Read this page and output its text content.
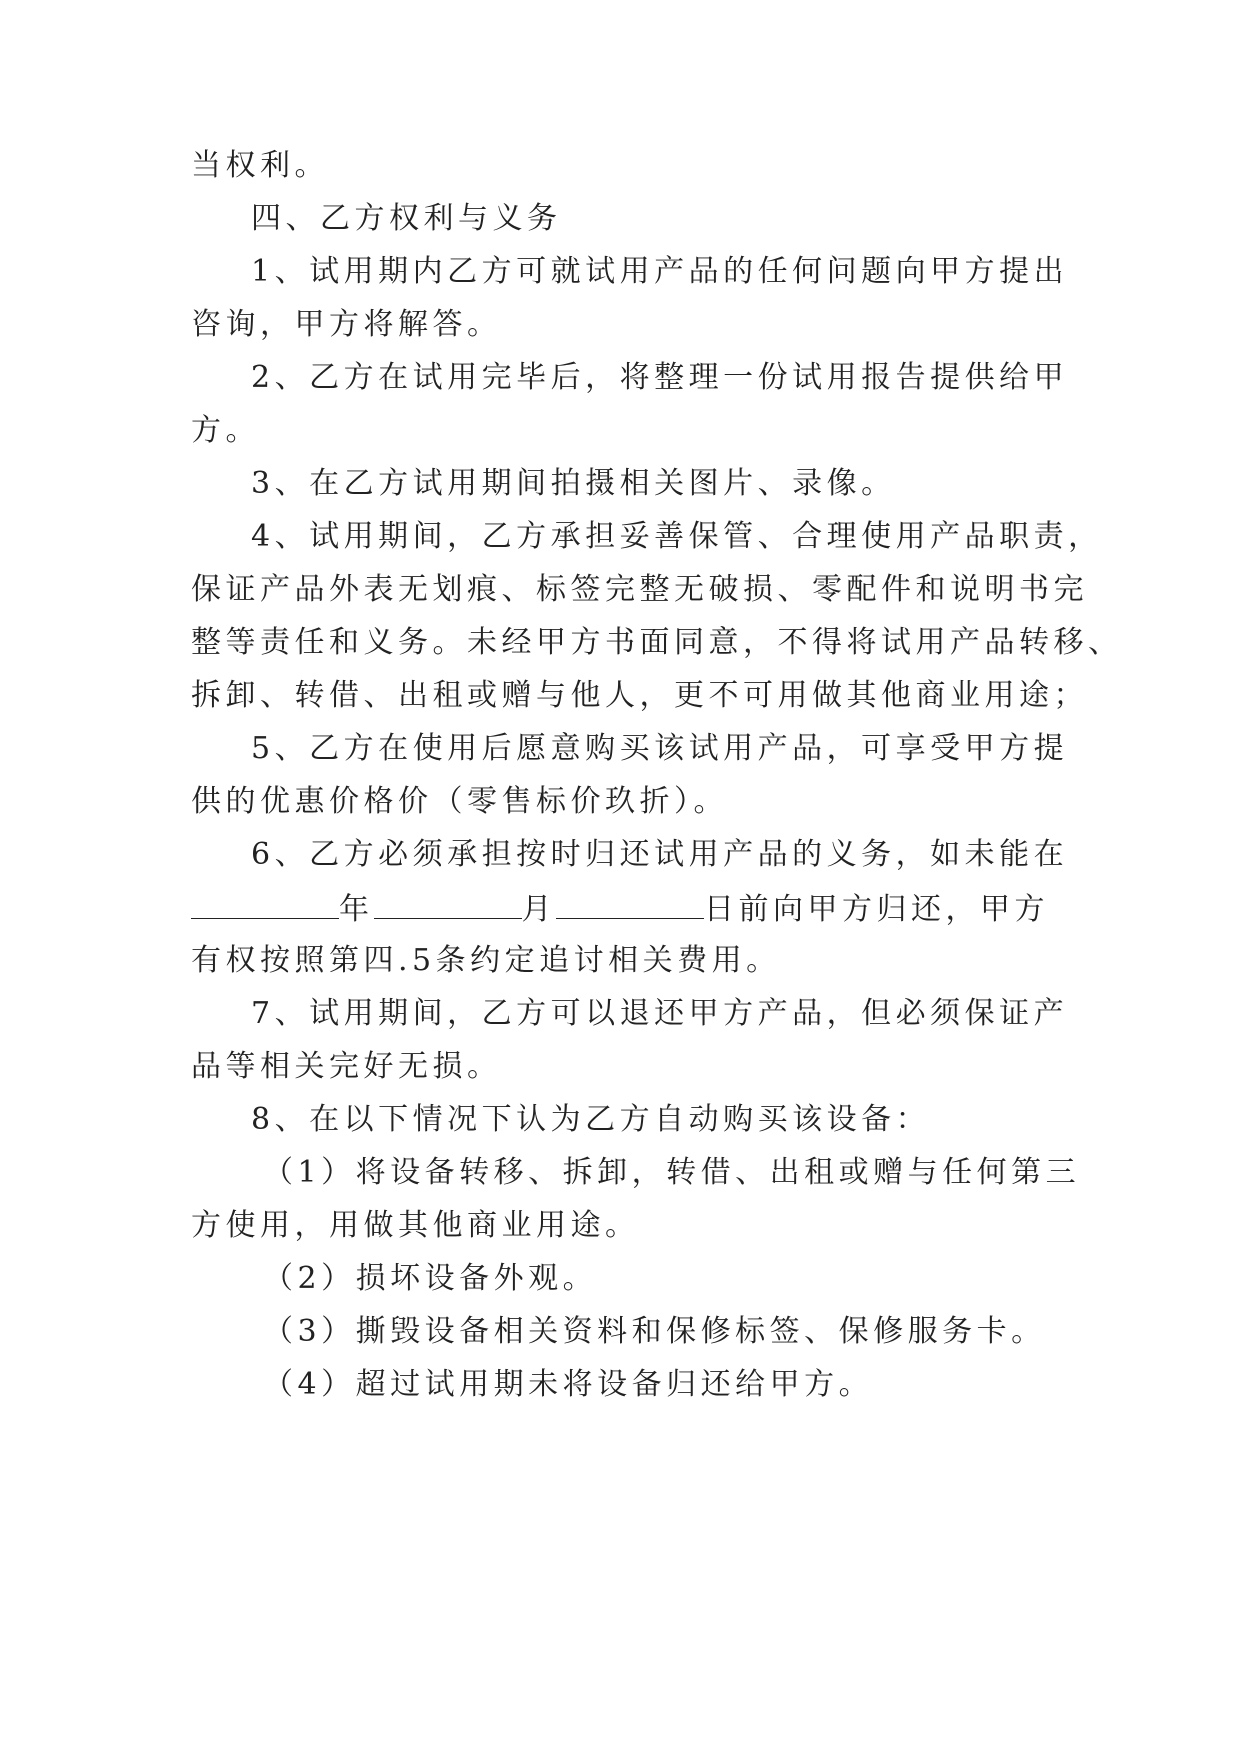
当权利。
四、乙方权利与义务
1、试用期内乙方可就试用产品的任何问题向甲方提出
咨询，甲方将解答。
2、乙方在试用完毕后，将整理一份试用报告提供给甲
方。
3、在乙方试用期间拍摄相关图片、录像。
4、试用期间，乙方承担妥善保管、合理使用产品职责，
保证产品外表无划痕、标签完整无破损、零配件和说明书完
整等责任和义务。未经甲方书面同意，不得将试用产品转移、
拆卸、转借、出租或赠与他人，更不可用做其他商业用途；
5、乙方在使用后愿意购买该试用产品，可享受甲方提
供的优惠价格价（零售标价玖折）。
6、乙方必须承担按时归还试用产品的义务，如未能在
年	月	日前向甲方归还，甲方
有权按照第四.5条约定追讨相关费用。
7、试用期间，乙方可以退还甲方产品，但必须保证产
品等相关完好无损。
8、在以下情况下认为乙方自动购买该设备：
（1）将设备转移、拆卸，转借、出租或赠与任何第三
方使用，用做其他商业用途。
（2）损坏设备外观。
（3）撕毁设备相关资料和保修标签、保修服务卡。
（4）超过试用期未将设备归还给甲方。
